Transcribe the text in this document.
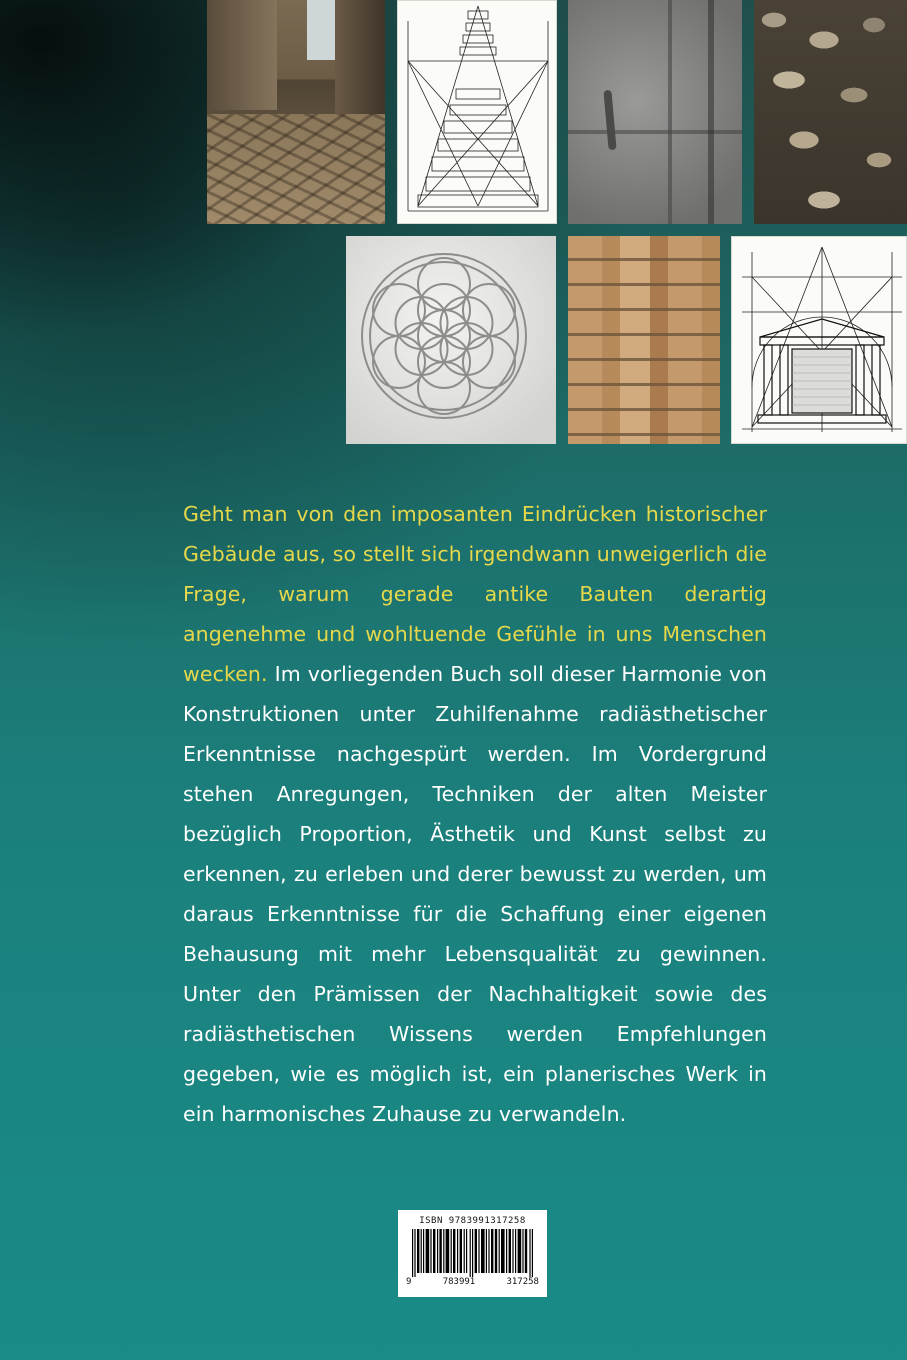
Geht man von den imposanten Eindrücken historischer Gebäude aus, so stellt sich irgendwann unweigerlich die Frage, warum gerade antike Bauten derartig angenehme und wohltuende Gefühle in uns Menschen wecken. Im vorliegenden Buch soll dieser Harmonie von Konstruktionen unter Zuhilfenahme radiästhetischer Erkenntnisse nachgespürt werden. Im Vordergrund stehen Anregungen, Techniken der alten Meister bezüglich Proportion, Ästhetik und Kunst selbst zu erkennen, zu erleben und derer bewusst zu werden, um daraus Erkenntnisse für die Schaffung einer eigenen Behausung mit mehr Lebensqualität zu gewinnen. Unter den Prämissen der Nachhaltigkeit sowie des radiästhetischen Wissens werden Empfehlungen gegeben, wie es möglich ist, ein planerisches Werk in ein harmonisches Zuhause zu verwandeln.
ISBN 9783991317258
9	783991	317258
